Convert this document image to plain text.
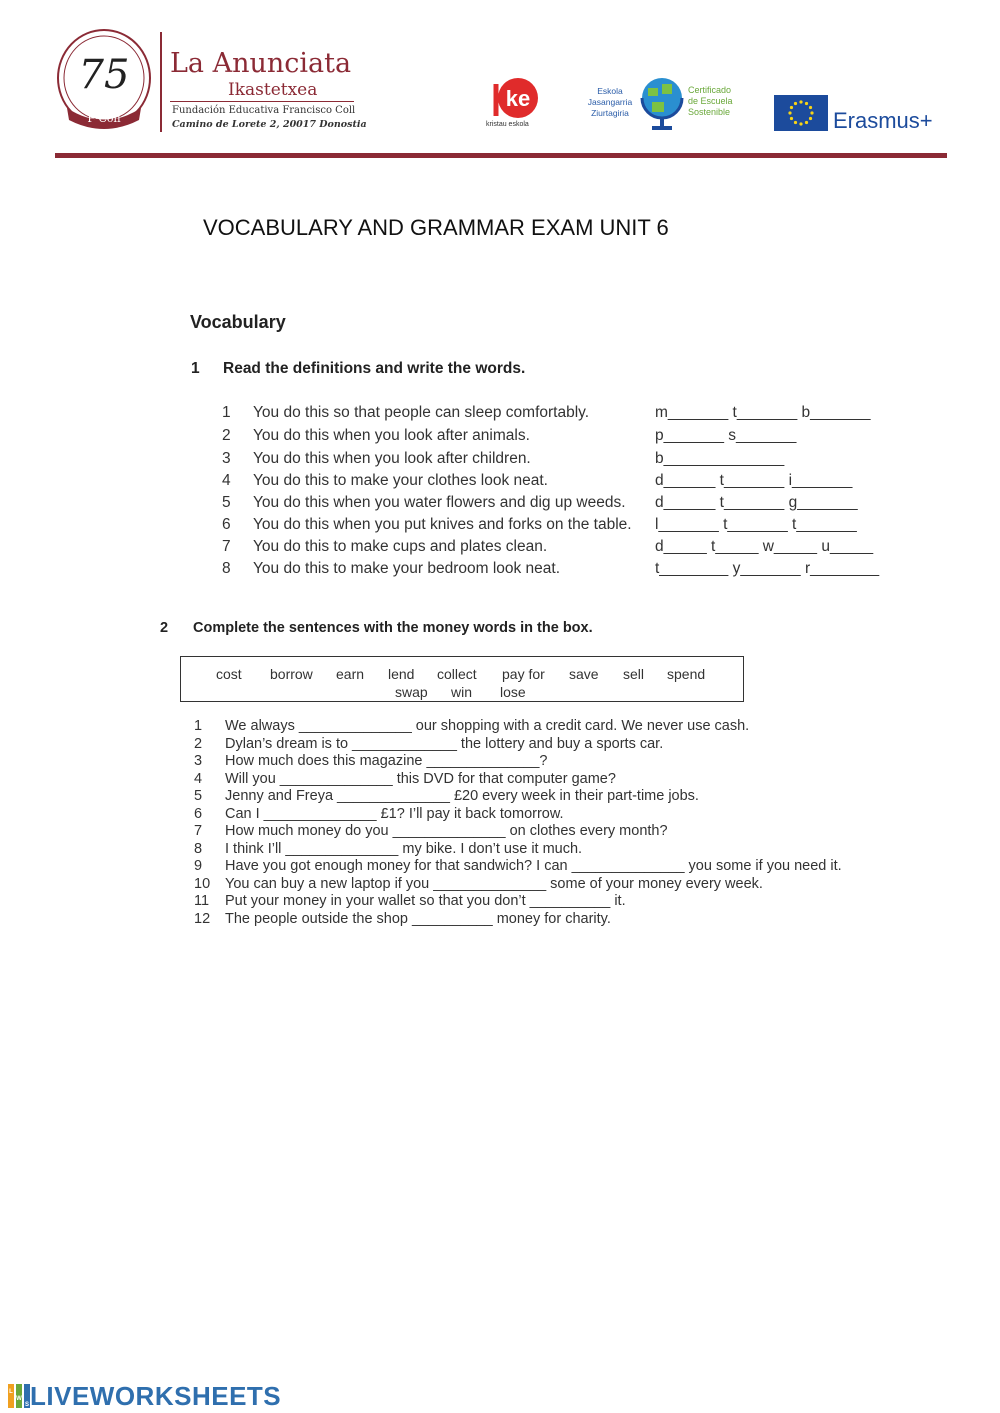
75
F·Coll
La Anunciata
Ikastetxea
Fundación Educativa Francisco Coll
Camino de Lorete 2, 20017 Donostia
ke
kristau eskola
Eskola
Jasangarria
Ziurtagiria
Certificado
de Escuela
Sostenible	Erasmus+
VOCABULARY AND GRAMMAR EXAM UNIT 6
Vocabulary
1 Read the definitions and write the words.
1 You do this so that people can sleep comfortably.	m_______ t_______ b_______
2 You do this when you look after animals.	p_______ s_______
3 You do this when you look after children.	b______________
4 You do this to make your clothes look neat.	d______ t_______ i_______
5 You do this when you water flowers and dig up weeds. d______ t_______ g_______
6 You do this when you put knives and forks on the table. l_______ t_______ t_______
7 You do this to make cups and plates clean.	d_____ t_____ w_____ u_____
8 You do this to make your bedroom look neat.	t________ y_______ r________
2 Complete the sentences with the money words in the box.
cost borrow earn lend collect pay for save sell spend
swap win lose
1 We always ______________ our shopping with a credit card. We never use cash.
2 Dylan’s dream is to _____________ the lottery and buy a sports car.
3 How much does this magazine ______________?
4 Will you ______________ this DVD for that computer game?
5 Jenny and Freya ______________ £20 every week in their part-time jobs.
6 Can I ______________ £1? I’ll pay it back tomorrow.
7 How much money do you ______________ on clothes every month?
8 I think I’ll ______________ my bike. I don’t use it much.
9 Have you got enough money for that sandwich? I can ______________ you some if you need it.
10 You can buy a new laptop if you ______________ some of your money every week.
11 Put your money in your wallet so that you don’t __________ it.
12 The people outside the shop __________ money for charity.
L
W
S LIVEWORKSHEETS
